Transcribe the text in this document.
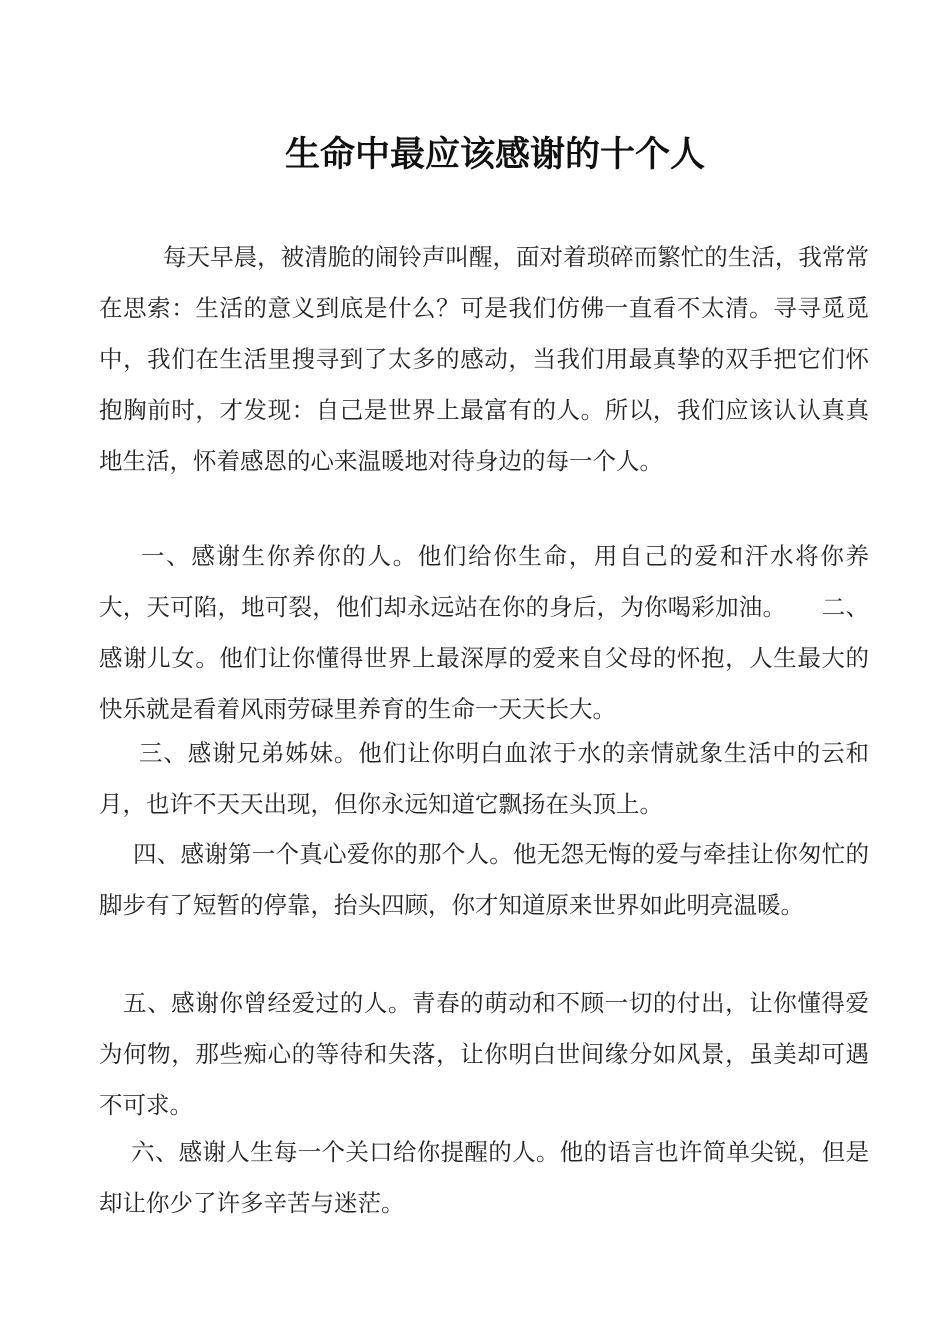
生命中最应该感谢的十个人
每天早晨，被清脆的闹铃声叫醒，面对着琐碎而繁忙的生活，我常常在思索：生活的意义到底是什么？可是我们仿佛一直看不太清。寻寻觅觅中，我们在生活里搜寻到了太多的感动，当我们用最真挚的双手把它们怀抱胸前时，才发现：自己是世界上最富有的人。所以，我们应该认认真真地生活，怀着感恩的心来温暖地对待身边的每一个人。
一、感谢生你养你的人。他们给你生命，用自己的爱和汗水将你养大，天可陷，地可裂，他们却永远站在你的身后，为你喝彩加油。　　二、感谢儿女。他们让你懂得世界上最深厚的爱来自父母的怀抱，人生最大的快乐就是看着风雨劳碌里养育的生命一天天长大。
三、感谢兄弟姊妹。他们让你明白血浓于水的亲情就象生活中的云和月，也许不天天出现，但你永远知道它飘扬在头顶上。
四、感谢第一个真心爱你的那个人。他无怨无悔的爱与牵挂让你匆忙的脚步有了短暂的停靠，抬头四顾，你才知道原来世界如此明亮温暖。
五、感谢你曾经爱过的人。青春的萌动和不顾一切的付出，让你懂得爱为何物，那些痴心的等待和失落，让你明白世间缘分如风景，虽美却可遇不可求。
六、感谢人生每一个关口给你提醒的人。他的语言也许简单尖锐，但是却让你少了许多辛苦与迷茫。
